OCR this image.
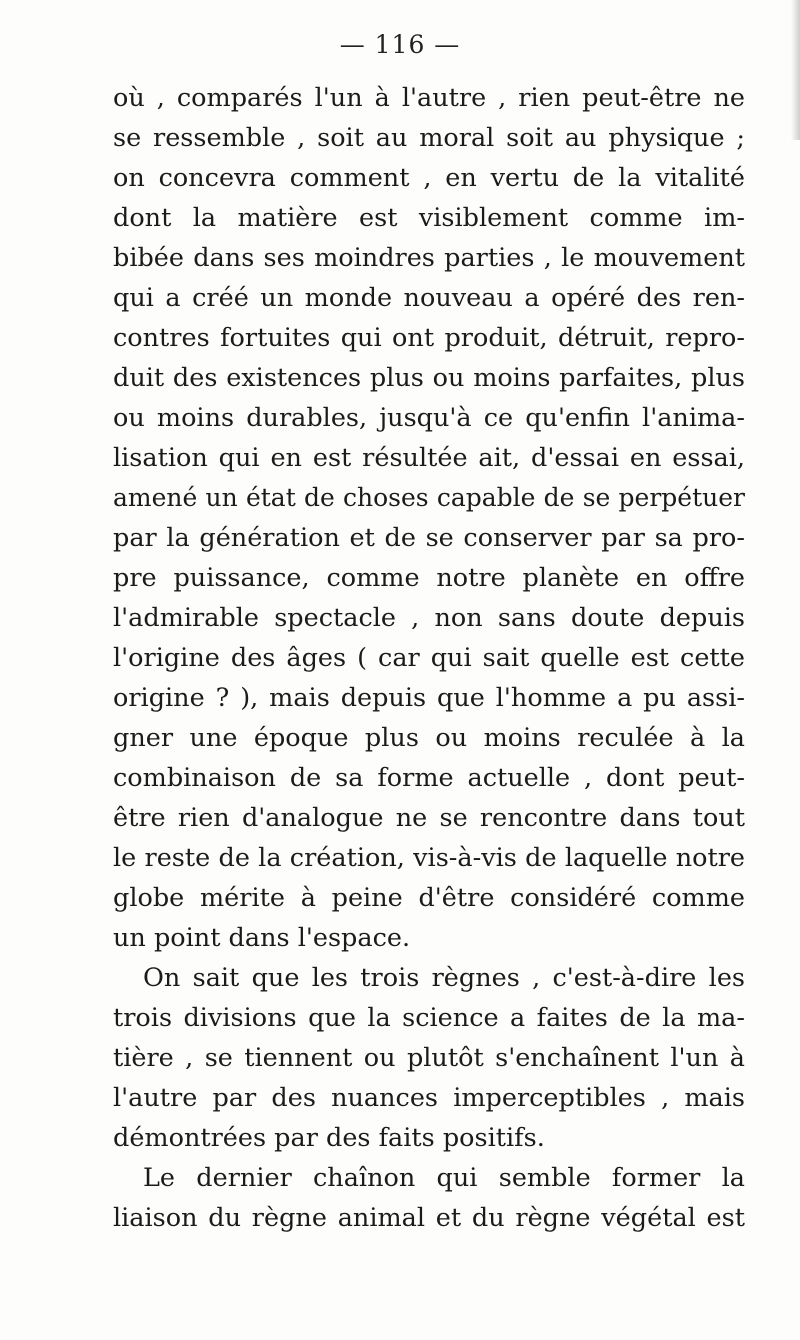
— 116 —
où , comparés l'un à l'autre , rien peut-être ne
se ressemble , soit au moral soit au physique ;
on concevra comment , en vertu de la vitalité
dont la matière est visiblement comme im-
bibée dans ses moindres parties , le mouvement
qui a créé un monde nouveau a opéré des ren-
contres fortuites qui ont produit, détruit, repro-
duit des existences plus ou moins parfaites, plus
ou moins durables, jusqu'à ce qu'enfin l'anima-
lisation qui en est résultée ait, d'essai en essai,
amené un état de choses capable de se perpétuer
par la génération et de se conserver par sa pro-
pre puissance, comme notre planète en offre
l'admirable spectacle , non sans doute depuis
l'origine des âges ( car qui sait quelle est cette
origine ? ), mais depuis que l'homme a pu assi-
gner une époque plus ou moins reculée à la
combinaison de sa forme actuelle , dont peut-
être rien d'analogue ne se rencontre dans tout
le reste de la création, vis-à-vis de laquelle notre
globe mérite à peine d'être considéré comme
un point dans l'espace.
On sait que les trois règnes , c'est-à-dire les
trois divisions que la science a faites de la ma-
tière , se tiennent ou plutôt s'enchaînent l'un à
l'autre par des nuances imperceptibles , mais
démontrées par des faits positifs.
Le dernier chaînon qui semble former la
liaison du règne animal et du règne végétal est
